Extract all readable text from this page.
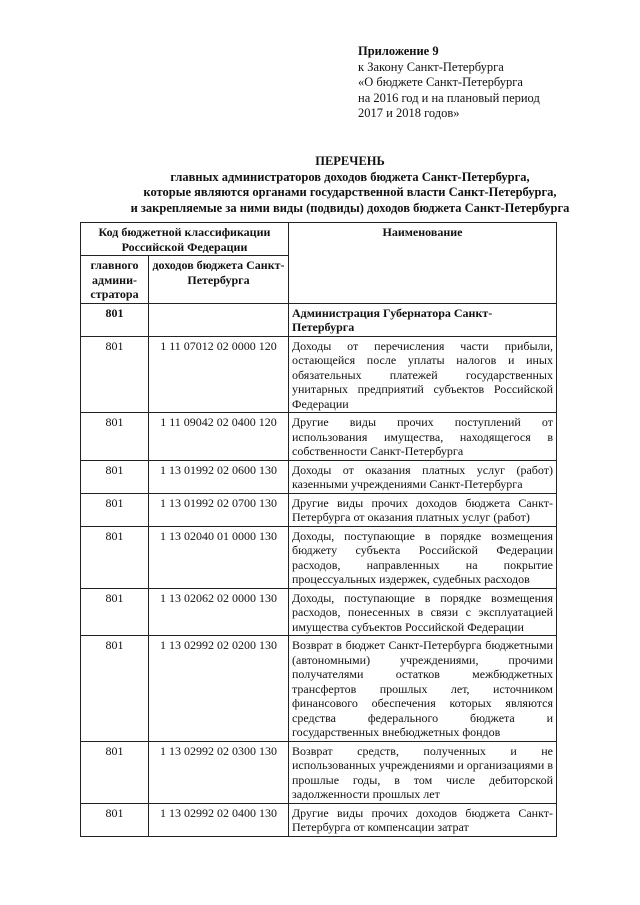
Приложение 9
к Закону Санкт-Петербурга
«О бюджете Санкт-Петербурга
на 2016 год и на плановый период
2017 и 2018 годов»
ПЕРЕЧЕНЬ
главных администраторов доходов бюджета Санкт-Петербурга,
которые являются органами государственной власти Санкт-Петербурга,
и закрепляемые за ними виды (подвиды) доходов бюджета Санкт-Петербурга
Код бюджетной классификации Российской Федерации		Наименование
главного админи-стратора	доходов бюджета Санкт-Петербурга	
801		Администрация Губернатора Санкт-Петербурга
801	1 11 07012 02 0000 120	Доходы от перечисления части прибыли, остающейся после уплаты налогов и иных обязательных платежей государственных унитарных предприятий субъектов Российской Федерации
801	1 11 09042 02 0400 120	Другие виды прочих поступлений от использования имущества, находящегося в собственности Санкт-Петербурга
801	1 13 01992 02 0600 130	Доходы от оказания платных услуг (работ) казенными учреждениями Санкт-Петербурга
801	1 13 01992 02 0700 130	Другие виды прочих доходов бюджета Санкт-Петербурга от оказания платных услуг (работ)
801	1 13 02040 01 0000 130	Доходы, поступающие в порядке возмещения бюджету субъекта Российской Федерации расходов, направленных на покрытие процессуальных издержек, судебных расходов
801	1 13 02062 02 0000 130	Доходы, поступающие в порядке возмещения расходов, понесенных в связи с эксплуатацией имущества субъектов Российской Федерации
801	1 13 02992 02 0200 130	Возврат в бюджет Санкт-Петербурга бюджетными (автономными) учреждениями, прочими получателями остатков межбюджетных трансфертов прошлых лет, источником финансового обеспечения которых являются средства федерального бюджета и государственных внебюджетных фондов
801	1 13 02992 02 0300 130	Возврат средств, полученных и не использованных учреждениями и организациями в прошлые годы, в том числе дебиторской задолженности прошлых лет
801	1 13 02992 02 0400 130	Другие виды прочих доходов бюджета Санкт-Петербурга от компенсации затрат
